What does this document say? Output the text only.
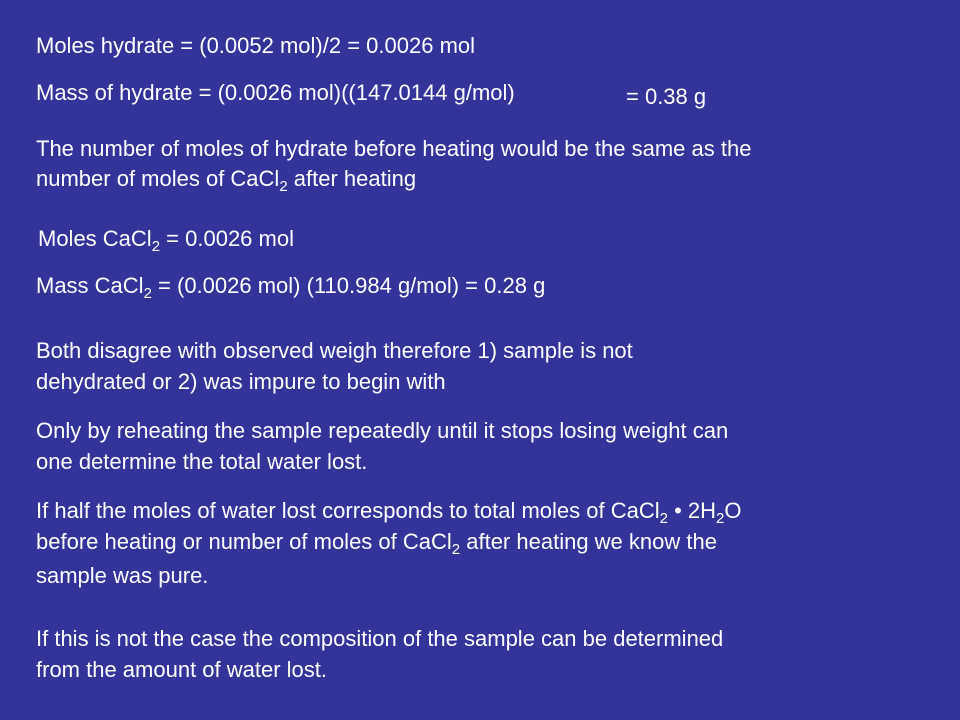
Moles hydrate = (0.0052 mol)/2 = 0.0026 mol

Mass of hydrate = (0.0026 mol)((147.0144 g/mol)	= 0.38 g

The number of moles of hydrate before heating would be the same as the

number of moles of CaCl$_2$ after heating

Moles CaCl$_2$ = 0.0026 mol

Mass CaCl$_2$ = (0.0026 mol) (110.984 g/mol) = 0.28 g

Both disagree with observed weigh therefore 1) sample is not

dehydrated or 2) was impure to begin with

Only by reheating the sample repeatedly until it stops losing weight can

one determine the total water lost.

If half the moles of water lost corresponds to total moles of CaCl$_2$ • $2H_2O$

before heating or number of moles of CaCl$_2$ after heating we know the

sample was pure.

If this is not the case the composition of the sample can be determined

from the amount of water lost.
